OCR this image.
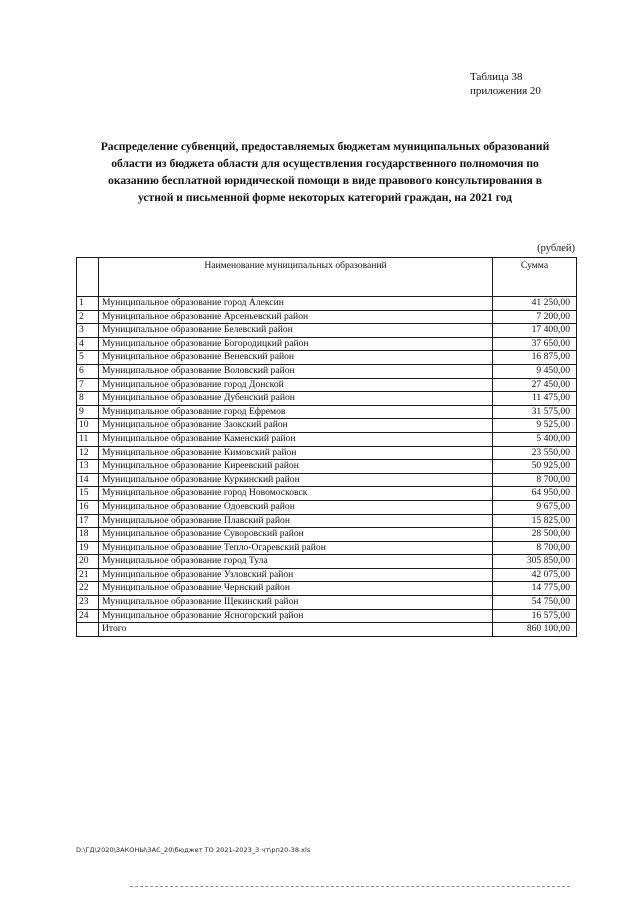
Таблица 38
приложения 20
Распределение субвенций, предоставляемых бюджетам муниципальных образований
области из бюджета области для осуществления государственного полномочия по
оказанию бесплатной юридической помощи в виде правового консультирования в
устной и письменной форме некоторых категорий граждан, на 2021 год
(рублей)
	Наименование муниципальных образований	Сумма
1	Муниципальное образование город Алексин	41 250,00
2	Муниципальное образование Арсеньевский район	7 200,00
3	Муниципальное образование Белевский район	17 400,00
4	Муниципальное образование Богородицкий район	37 650,00
5	Муниципальное образование Веневский район	16 875,00
6	Муниципальное образование Воловский район	9 450,00
7	Муниципальное образование город Донской	27 450,00
8	Муниципальное образование Дубенский район	11 475,00
9	Муниципальное образование город Ефремов	31 575,00
10	Муниципальное образование Заокский район	9 525,00
11	Муниципальное образование Каменский район	5 400,00
12	Муниципальное образование Кимовский район	23 550,00
13	Муниципальное образование Киреевский район	50 925,00
14	Муниципальное образование Куркинский район	8 700,00
15	Муниципальное образование город Новомосковск	64 950,00
16	Муниципальное образование Одоевский район	9 675,00
17	Муниципальное образование Плавский район	15 825,00
18	Муниципальное образование Суворовский район	28 500,00
19	Муниципальное образование Тепло-Огаревский район	8 700,00
20	Муниципальное образование город Тула	305 850,00
21	Муниципальное образование Узловский район	42 075,00
22	Муниципальное образование Чернский район	14 775,00
23	Муниципальное образование Щекинский район	54 750,00
24	Муниципальное образование Ясногорский район	16 575,00
	Итого	860 100,00
D:\ГД\2020\ЗАКОНЫ\ЗАС_20\бюджет ТО 2021-2023_3 чт\рп20-38.xls
